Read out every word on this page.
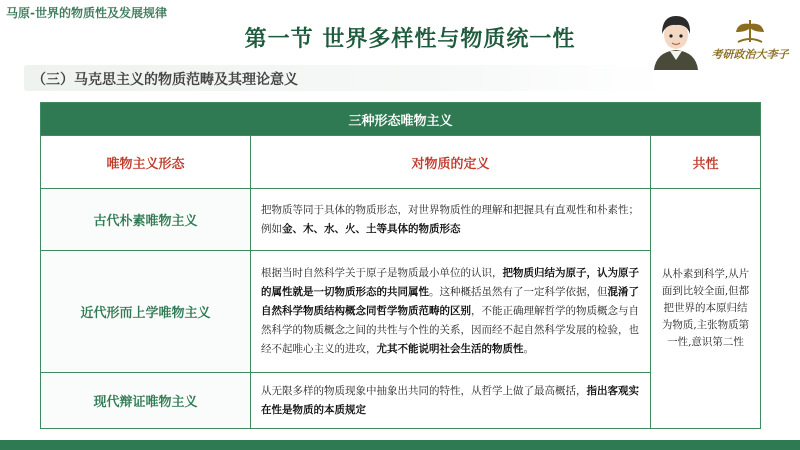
马原-世界的物质性及发展规律
第一节 世界多样性与物质统一性
（三）马克思主义的物质范畴及其理论意义
考研政治大李子
三种形态唯物主义		
唯物主义形态	对物质的定义	共性
古代朴素唯物主义	把物质等同于具体的物质形态，对世界物质性的理解和把握具有直观性和朴素性；例如金、木、水、火、土等具体的物质形态	从朴素到科学,从片面到比较全面,但都把世界的本原归结为物质,主张物质第一性,意识第二性
近代形而上学唯物主义	根据当时自然科学关于原子是物质最小单位的认识，把物质归结为原子，认为原子的属性就是一切物质形态的共同属性。这种概括虽然有了一定科学依据，但混淆了自然科学物质结构概念同哲学物质范畴的区别，不能正确理解哲学的物质概念与自然科学的物质概念之间的共性与个性的关系，因而经不起自然科学发展的检验，也经不起唯心主义的进攻，尤其不能说明社会生活的物质性。	
现代辩证唯物主义	从无限多样的物质现象中抽象出共同的特性，从哲学上做了最高概括，指出客观实在性是物质的本质规定	
